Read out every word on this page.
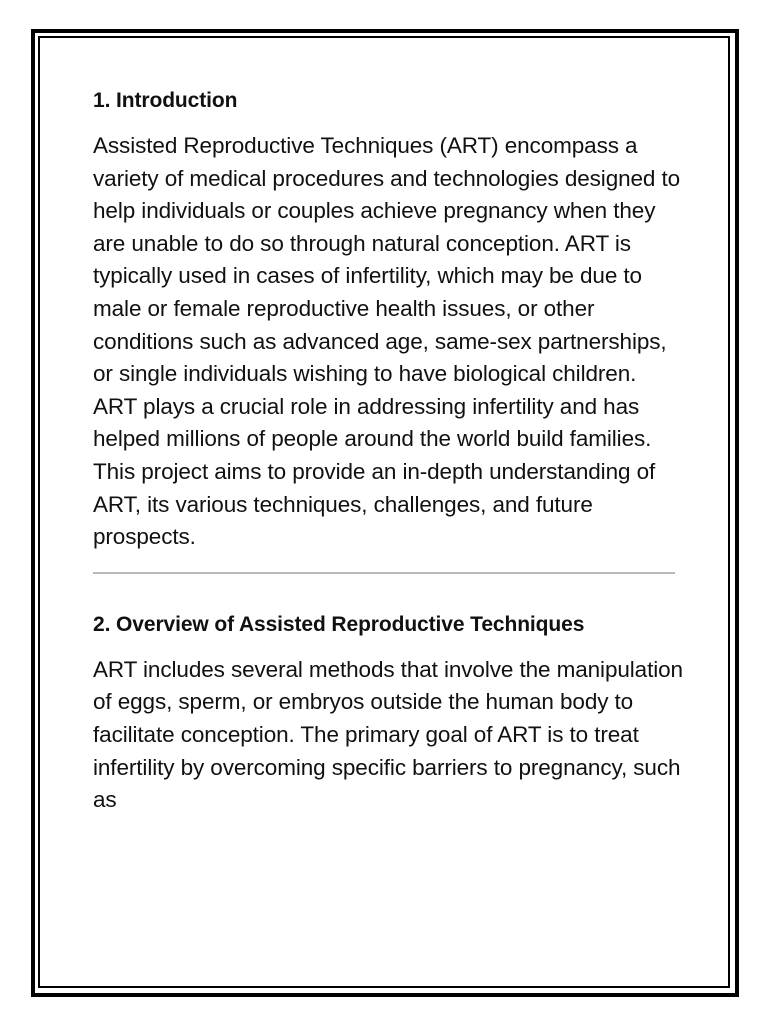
1. Introduction

Assisted Reproductive Techniques (ART) encompass a variety of medical procedures and technologies designed to help individuals or couples achieve pregnancy when they are unable to do so through natural conception. ART is typically used in cases of infertility, which may be due to male or female reproductive health issues, or other conditions such as advanced age, same-sex partnerships, or single individuals wishing to have biological children. ART plays a crucial role in addressing infertility and has helped millions of people around the world build families. This project aims to provide an in-depth understanding of ART, its various techniques, challenges, and future prospects.

2. Overview of Assisted Reproductive Techniques

ART includes several methods that involve the manipulation of eggs, sperm, or embryos outside the human body to facilitate conception. The primary goal of ART is to treat infertility by overcoming specific barriers to pregnancy, such as
